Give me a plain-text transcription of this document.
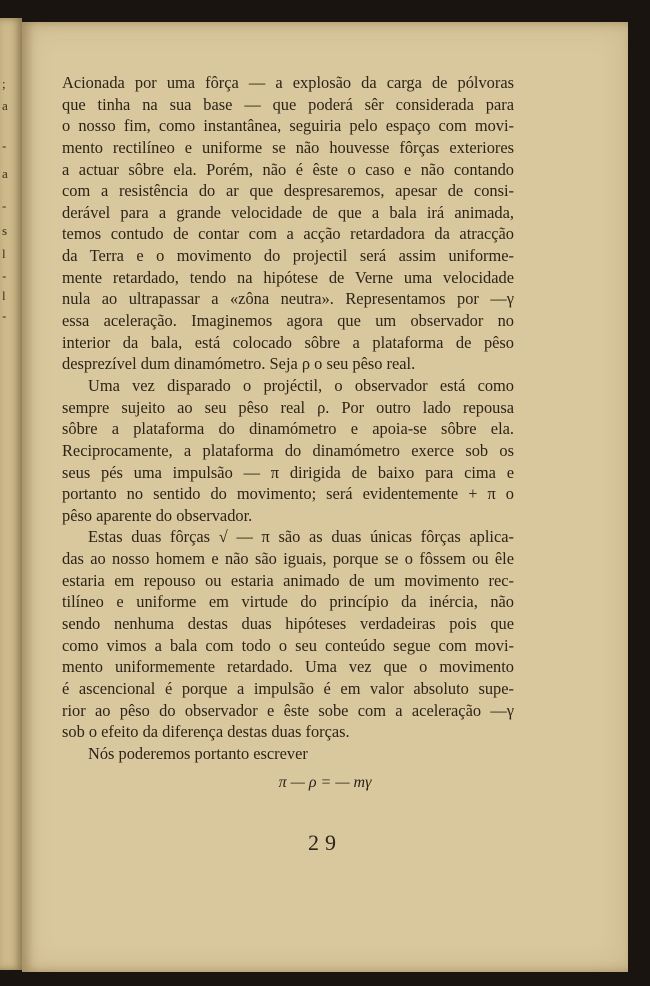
;
a
-
a
-
s
l
-
l
-
Acionada por uma fôrça — a explosão da carga de pólvoras
que tinha na sua base — que poderá sêr considerada para
o nosso fim, como instantânea, seguiria pelo espaço com movi-
mento rectilíneo e uniforme se não houvesse fôrças exteriores
a actuar sôbre ela. Porém, não é êste o caso e não contando
com a resistência do ar que despresaremos, apesar de consi-
derável para a grande velocidade de que a bala irá animada,
temos contudo de contar com a acção retardadora da atracção
da Terra e o movimento do projectil será assim uniforme-
mente retardado, tendo na hipótese de Verne uma velocidade
nula ao ultrapassar a «zôna neutra». Representamos por —γ
essa aceleração. Imaginemos agora que um observador no
interior da bala, está colocado sôbre a plataforma de pêso
desprezível dum dinamómetro. Seja ρ o seu pêso real.
Uma vez disparado o projéctil, o observador está como
sempre sujeito ao seu pêso real ρ. Por outro lado repousa
sôbre a plataforma do dinamómetro e apoia-se sôbre ela.
Reciprocamente, a plataforma do dinamómetro exerce sob os
seus pés uma impulsão — π dirigida de baixo para cima e
portanto no sentido do movimento; será evidentemente + π o
pêso aparente do observador.
Estas duas fôrças √ — π são as duas únicas fôrças aplica-
das ao nosso homem e não são iguais, porque se o fôssem ou êle
estaria em repouso ou estaria animado de um movimento rec-
tilíneo e uniforme em virtude do princípio da inércia, não
sendo nenhuma destas duas hipóteses verdadeiras pois que
como vimos a bala com todo o seu conteúdo segue com movi-
mento uniformemente retardado. Uma vez que o movimento
é ascencional é porque a impulsão é em valor absoluto supe-
rior ao pêso do observador e êste sobe com a aceleração —γ
sob o efeito da diferença destas duas forças.
Nós poderemos portanto escrever
π — ρ = — mγ
29
